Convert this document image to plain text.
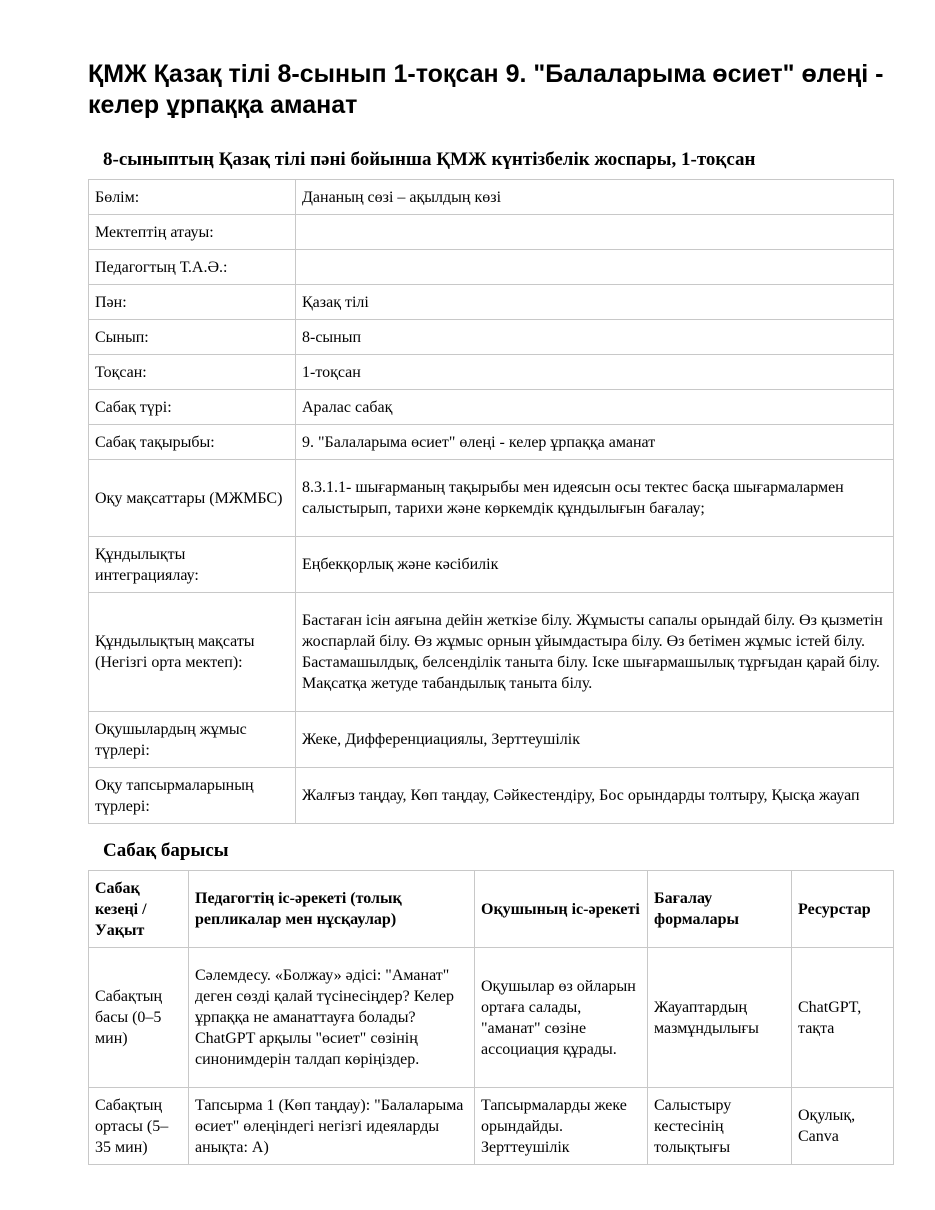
ҚМЖ Қазақ тілі 8-сынып 1-тоқсан 9. "Балаларыма өсиет" өлеңі - келер ұрпаққа аманат
8-сыныптың Қазақ тілі пәні бойынша ҚМЖ күнтізбелік жоспары, 1-тоқсан
Бөлім:	Дананың сөзі – ақылдың көзі
Мектептің атауы:	
Педагогтың Т.А.Ә.:	
Пән:	Қазақ тілі
Сынып:	8-сынып
Тоқсан:	1-тоқсан
Сабақ түрі:	Аралас сабақ
Сабақ тақырыбы:	9. "Балаларыма өсиет" өлеңі - келер ұрпаққа аманат
Оқу мақсаттары (МЖМБС)	8.3.1.1- шығарманың тақырыбы мен идеясын осы тектес басқа шығармалармен салыстырып, тарихи және көркемдік құндылығын бағалау;
Құндылықты интеграциялау:	Еңбекқорлық және кәсібилік
Құндылықтың мақсаты (Негізгі орта мектеп):	Бастаған ісін аяғына дейін жеткізе білу. Жұмысты сапалы орындай білу. Өз қызметін жоспарлай білу. Өз жұмыс орнын ұйымдастыра білу. Өз бетімен жұмыс істей білу. Бастамашылдық, белсенділік таныта білу. Іске шығармашылық тұрғыдан қарай білу. Мақсатқа жетуде табандылық таныта білу.
Оқушылардың жұмыс түрлері:	Жеке, Дифференциациялы, Зерттеушілік
Оқу тапсырмаларының түрлері:	Жалғыз таңдау, Көп таңдау, Сәйкестендіру, Бос орындарды толтыру, Қысқа жауап
Сабақ барысы
Сабақ кезеңі / Уақыт	Педагогтің іс-әрекеті (толық репликалар мен нұсқаулар)	Оқушының іс-әрекеті	Бағалау формалары	Ресурстар
Сабақтың басы (0–5 мин)	Сәлемдесу. «Болжау» әдісі: "Аманат" деген сөзді қалай түсінесіңдер? Келер ұрпаққа не аманаттауға болады? ChatGPT арқылы "өсиет" сөзінің синонимдерін талдап көріңіздер.	Оқушылар өз ойларын ортаға салады, "аманат" сөзіне ассоциация құрады.	Жауаптардың мазмұндылығы	ChatGPT, тақта
Сабақтың ортасы (5–35 мин)	Тапсырма 1 (Көп таңдау): "Балаларыма өсиет" өлеңіндегі негізгі идеяларды анықта: А)	Тапсырмаларды жеке орындайды. Зерттеушілік	Салыстыру кестесінің толықтығы	Оқулық, Canva
